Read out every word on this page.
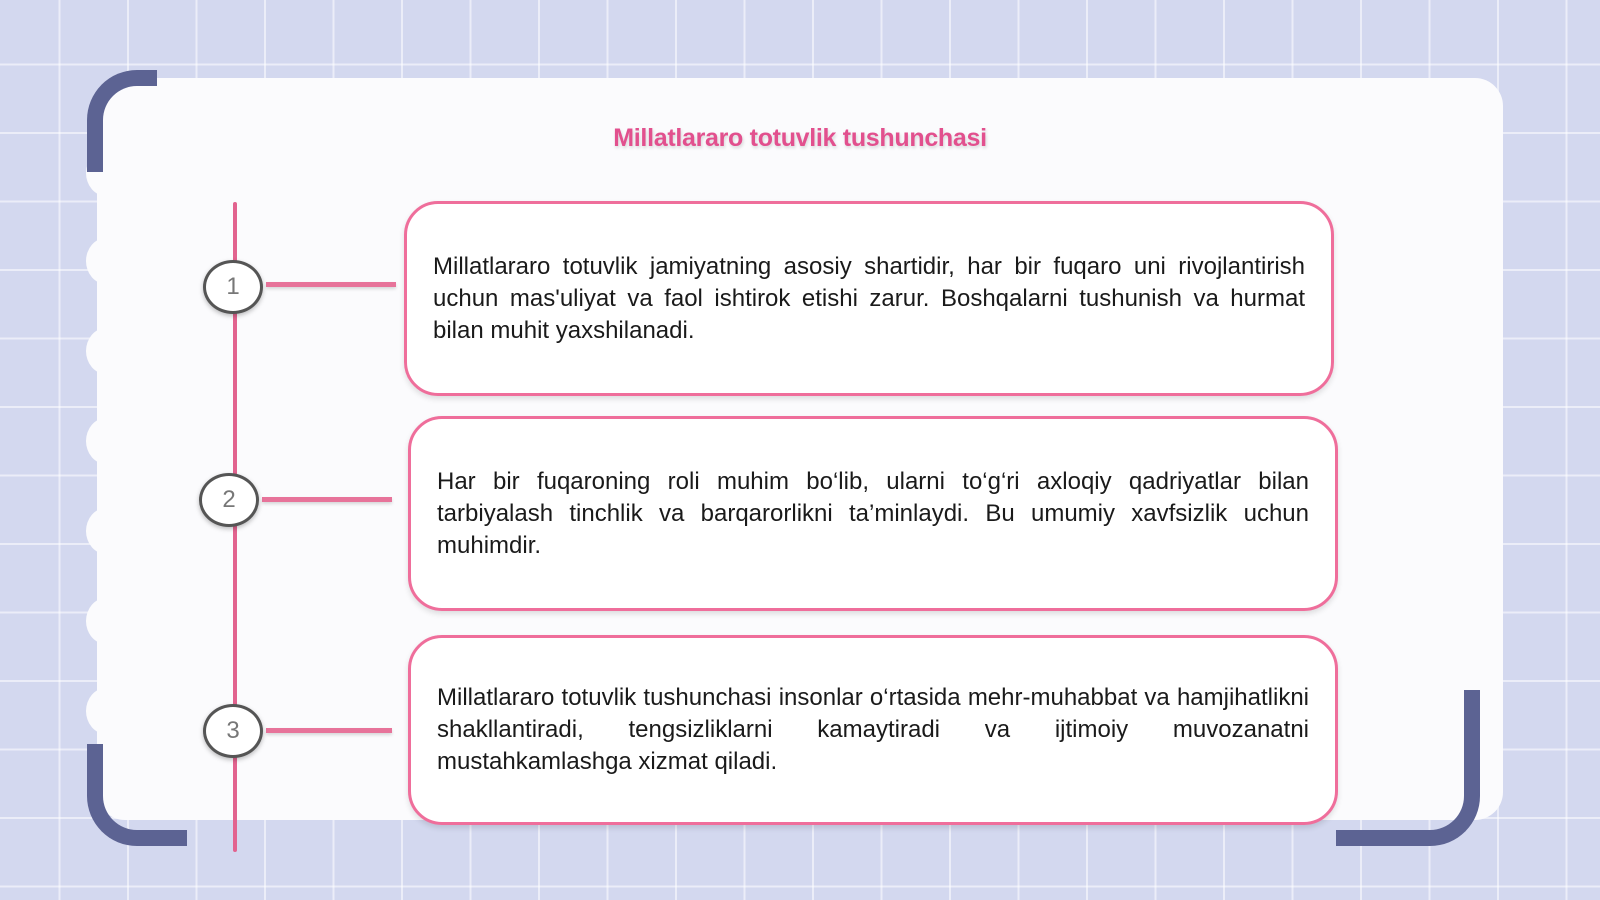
Millatlararo totuvlik tushunchasi
1
2
3

Millatlararo totuvlik jamiyatning asosiy shartidir, har bir fuqaro uni rivojlantirish uchun mas'uliyat va faol ishtirok etishi zarur. Boshqalarni tushunish va hurmat bilan muhit yaxshilanadi.

Har bir fuqaroning roli muhim bo‘lib, ularni to‘g‘ri axloqiy qadriyatlar bilan tarbiyalash tinchlik va barqarorlikni ta’minlaydi. Bu umumiy xavfsizlik uchun muhimdir.

Millatlararo totuvlik tushunchasi insonlar o‘rtasida mehr-muhabbat va hamjihatlikni shakllantiradi, tengsizliklarni kamaytiradi va ijtimoiy muvozanatni mustahkamlashga xizmat qiladi.
